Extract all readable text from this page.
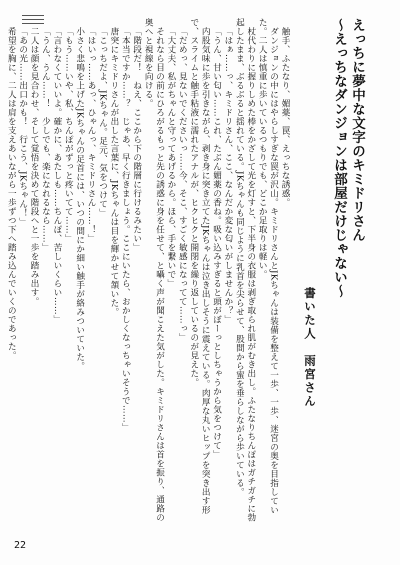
えっちに夢中な文字のキミドリさん
〜えっちなダンジョンは部屋だけじゃない〜
書いた人　雨宮さん

触手、ふたなり、媚薬、罠、えっちな誘惑。

ダンジョンの中にはやらしすぎな罠が沢山。キミドリさんとJKちゃんは装備を整えて一歩、一歩、迷宮の奥を目指していた。二人は慎重に歩いているつもりでも、どこか足取りは軽い。

杖代わりに握りしめた棒をかざして光を灯すと、下半身の衣服は剥ぎ取られ肌がむき出し。ふたなりちんぽはガチガチに勃起したまま、ぶるぶると揺れている。JKちゃんも同じように乳首を尖らせて、股間から蜜を垂らしながら歩いている。

「はぁ……っ、キミドリさん、ここ、なんだか変な匂いがしませんか？」

「うん、甘い匂い……これ、たぶん媚薬の香ね。吸い込みすぎると頭がぼーっとしちゃうから気をつけて」

内股気味に歩を引きながら、剥き身に突き立てたJKちゃんは泣き出しそうに震えている。肉厚な丸いヒップを突き出す形で、スライムと触手粘液に濡れたアナルが、ヒクヒクと開閉を繰り返しているのが見えた。

「だめっ、見ないでくださいっ……今、そこ、すごく敏感になってて……っ」

「大丈夫、私がちゃんと守ってあげるから。ほら、手を繋いで」

それなら目の前にひろがるもっと先の誘惑に身を任せて、と囁く声が聞こえた気がした。キミドリさんは首を振り、通路の奥へと視線を向ける。

「階段だ！　ねえ、ここから下の階層に行けるみたい」

「本当ですか……？　じゃあ、早く行きましょう。ここにいたら、おかしくなっちゃいそうで……」

唐突にキミドリさんが出した言葉に、JKちゃんは目を輝かせて頷いた。

「こっちだよ、JKちゃん。足元、気をつけて」

「はいっ……あっ、ひゃんっ、キミドリさん……！」

小さく悲鳴を上げたJKちゃんの足首には、いつの間にか細い触手が絡みついていた。

「もう……いや、私、ちんぽがずっと疼いてて……」

「言わなくていいよ。確かに、あたしも……ちんぽ、苦しいくらい……」

「うん、うん……！　少しでも、楽になれるなら……」

二人は顔を見合わせ、そして覚悟を決めて階段へと一歩を踏み出す。

「あの光……出口かも！　行こう、JKちゃん！」

希望を胸に、二人は肩を支えあいながら一歩ずつ下へ踏み込んでいくのであった。

22
